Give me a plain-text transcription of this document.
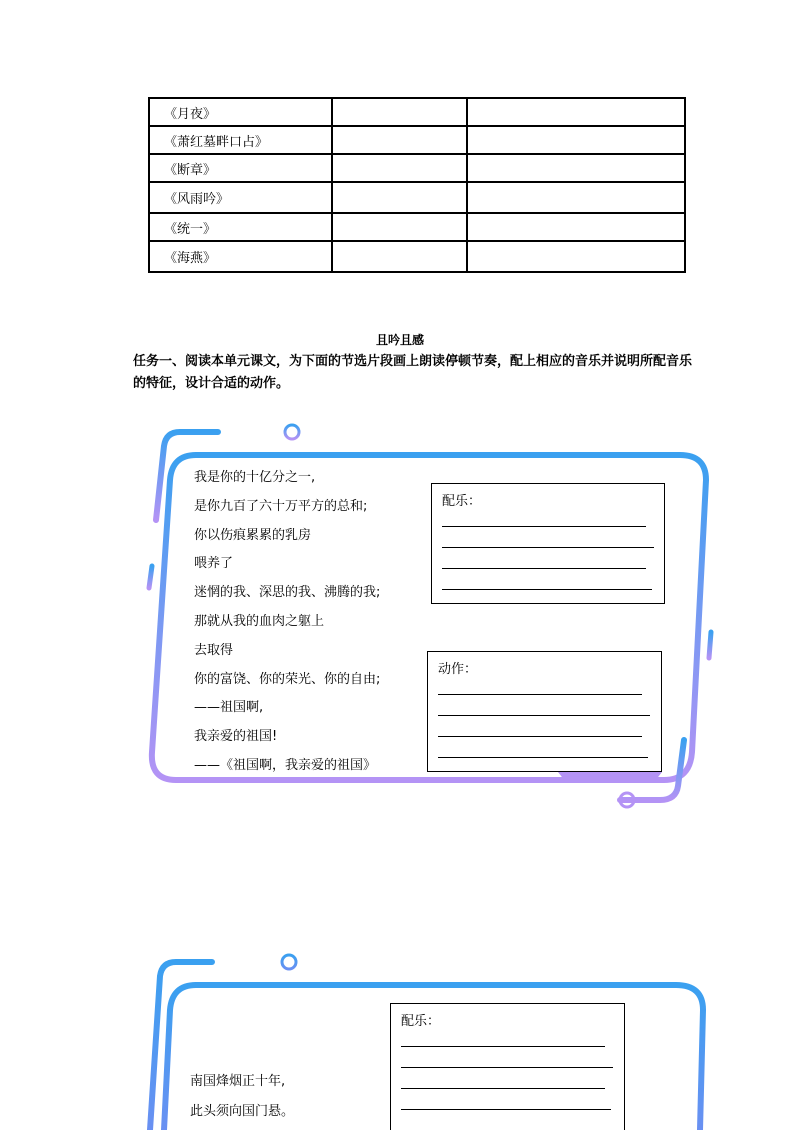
《月夜》		
《萧红墓畔口占》		
《断章》		
《风雨吟》		
《统一》		
《海燕》		
且吟且感
任务一、阅读本单元课文，为下面的节选片段画上朗读停顿节奏，配上相应的音乐并说明所配音乐的特征，设计合适的动作。
我是你的十亿分之一,
是你九百了六十万平方的总和;
你以伤痕累累的乳房
喂养了
迷惘的我、深思的我、沸腾的我;
那就从我的血肉之躯上
去取得
你的富饶、你的荣光、你的自由;
——祖国啊,
我亲爱的祖国!
——《祖国啊，我亲爱的祖国》
配乐：
动作：
南国烽烟正十年,
此头须向国门悬。
配乐：
